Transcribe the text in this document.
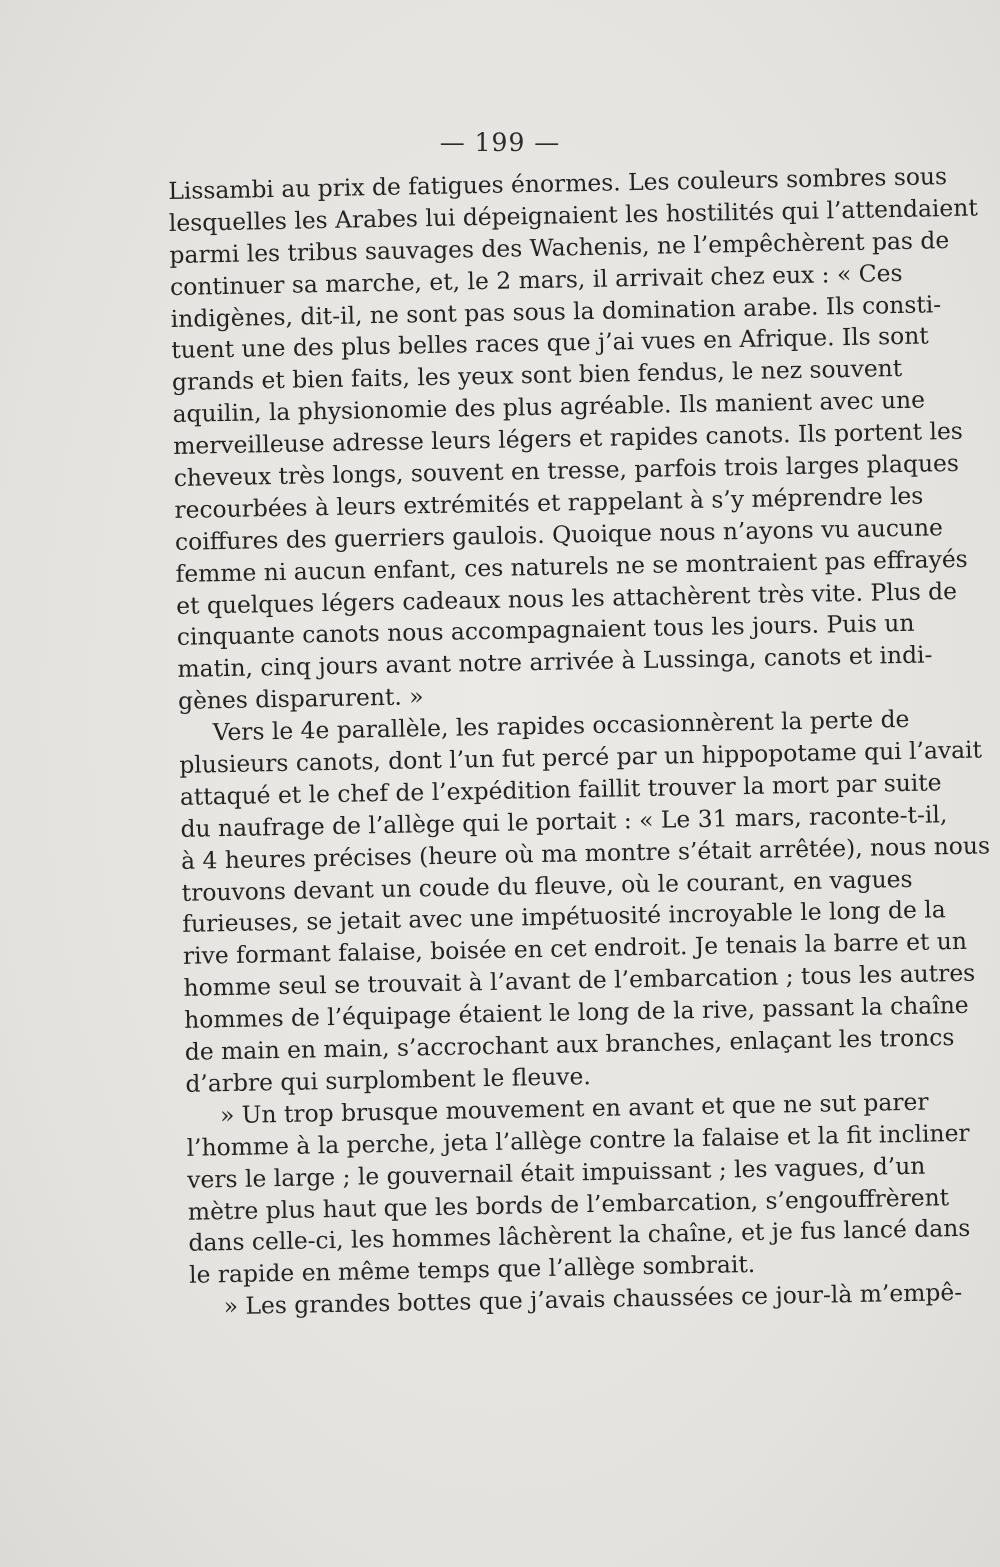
— 199 —
Lissambi au prix de fatigues énormes. Les couleurs sombres sous
lesquelles les Arabes lui dépeignaient les hostilités qui l’attendaient
parmi les tribus sauvages des Wachenis, ne l’empêchèrent pas de
continuer sa marche, et, le 2 mars, il arrivait chez eux : « Ces
indigènes, dit-il, ne sont pas sous la domination arabe. Ils consti-
tuent une des plus belles races que j’ai vues en Afrique. Ils sont
grands et bien faits, les yeux sont bien fendus, le nez souvent
aquilin, la physionomie des plus agréable. Ils manient avec une
merveilleuse adresse leurs légers et rapides canots. Ils portent les
cheveux très longs, souvent en tresse, parfois trois larges plaques
recourbées à leurs extrémités et rappelant à s’y méprendre les
coiffures des guerriers gaulois. Quoique nous n’ayons vu aucune
femme ni aucun enfant, ces naturels ne se montraient pas effrayés
et quelques légers cadeaux nous les attachèrent très vite. Plus de
cinquante canots nous accompagnaient tous les jours. Puis un
matin, cinq jours avant notre arrivée à Lussinga, canots et indi-
gènes disparurent. »
Vers le 4e parallèle, les rapides occasionnèrent la perte de
plusieurs canots, dont l’un fut percé par un hippopotame qui l’avait
attaqué et le chef de l’expédition faillit trouver la mort par suite
du naufrage de l’allège qui le portait : « Le 31 mars, raconte-t-il,
à 4 heures précises (heure où ma montre s’était arrêtée), nous nous
trouvons devant un coude du fleuve, où le courant, en vagues
furieuses, se jetait avec une impétuosité incroyable le long de la
rive formant falaise, boisée en cet endroit. Je tenais la barre et un
homme seul se trouvait à l’avant de l’embarcation ; tous les autres
hommes de l’équipage étaient le long de la rive, passant la chaîne
de main en main, s’accrochant aux branches, enlaçant les troncs
d’arbre qui surplombent le fleuve.
» Un trop brusque mouvement en avant et que ne sut parer
l’homme à la perche, jeta l’allège contre la falaise et la fit incliner
vers le large ; le gouvernail était impuissant ; les vagues, d’un
mètre plus haut que les bords de l’embarcation, s’engouffrèrent
dans celle-ci, les hommes lâchèrent la chaîne, et je fus lancé dans
le rapide en même temps que l’allège sombrait.
» Les grandes bottes que j’avais chaussées ce jour-là m’empê-
